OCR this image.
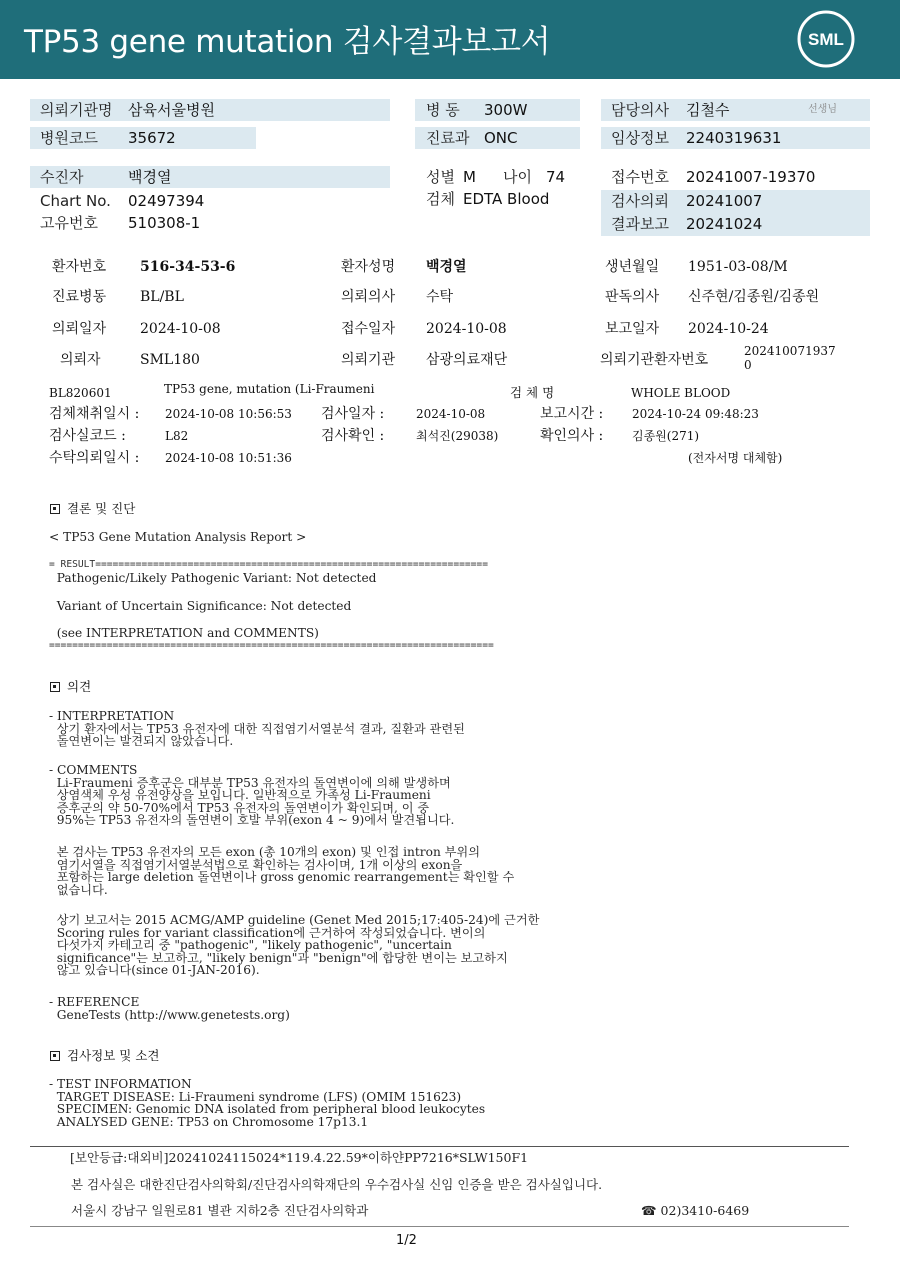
TP53 gene mutation 검사결과보고서	SML
의뢰기관명 삼육서울병원
병원코드 35672
병 동 300W
진료과 ONC
담당의사 김철수	선생님
임상정보 2240319631
수진자	백경열
Chart No. 02497394
고유번호 510308-1
성별 M 나이 74
검체 EDTA Blood
접수번호 20241007-19370
검사의뢰 20241007
결과보고 20241024
환자번호 516-34-53-6	환자성명 백경열	생년월일 1951-03-08/M
진료병동 BL/BL	의뢰의사 수탁	판독의사 신주현/김종원/김종원
의뢰일자 2024-10-08	접수일자 2024-10-08	보고일자 2024-10-24
의뢰자	SML180	의뢰기관 삼광의료재단	의뢰기관환자번호
202410071937
0
BL820601	TP53 gene, mutation (Li-Fraumeni	검 체 명	WHOLE BLOOD
검체채취일시 : 2024-10-08 10:56:53 검사일자 :	2024-10-08	보고시간 : 2024-10-24 09:48:23
검사실코드 :	L82	검사확인 :	최석진(29038)	확인의사 : 김종원(271)
수탁의뢰일시 : 2024-10-08 10:51:36	(전자서명 대체함)
결론 및 진단
< TP53 Gene Mutation Analysis Report >
= RESULT====================================================================
Pathogenic/Likely Pathogenic Variant: Not detected
Variant of Uncertain Significance: Not detected
(see INTERPRETATION and COMMENTS)
=============================================================================
의견
- INTERPRETATION
상기 환자에서는 TP53 유전자에 대한 직접염기서열분석 결과, 질환과 관련된
돌연변이는 발견되지 않았습니다.
- COMMENTS
Li-Fraumeni 증후군은 대부분 TP53 유전자의 돌연변이에 의해 발생하며
상염색체 우성 유전양상을 보입니다. 일반적으로 가족성 Li-Fraumeni
증후군의 약 50-70%에서 TP53 유전자의 돌연변이가 확인되며, 이 중
95%는 TP53 유전자의 돌연변이 호발 부위(exon 4 ~ 9)에서 발견됩니다.
본 검사는 TP53 유전자의 모든 exon (총 10개의 exon) 및 인접 intron 부위의
염기서열을 직접염기서열분석법으로 확인하는 검사이며, 1개 이상의 exon을
포함하는 large deletion 돌연변이나 gross genomic rearrangement는 확인할 수
없습니다.
상기 보고서는 2015 ACMG/AMP guideline (Genet Med 2015;17:405-24)에 근거한
Scoring rules for variant classification에 근거하여 작성되었습니다. 변이의
다섯가지 카테고리 중 "pathogenic", "likely pathogenic", "uncertain
significance"는 보고하고, "likely benign"과 "benign"에 합당한 변이는 보고하지
않고 있습니다(since 01-JAN-2016).
- REFERENCE
GeneTests (http://www.genetests.org)
검사정보 및 소견
- TEST INFORMATION
TARGET DISEASE: Li-Fraumeni syndrome (LFS) (OMIM 151623)
SPECIMEN: Genomic DNA isolated from peripheral blood leukocytes
ANALYSED GENE: TP53 on Chromosome 17p13.1
[보안등급:대외비]20241024115024*119.4.22.59*이하얀PP7216*SLW150F1
본 검사실은 대한진단검사의학회/진단검사의학재단의 우수검사실 신임 인증을 받은 검사실입니다.
서울시 강남구 일원로81 별관 지하2층 진단검사의학과	☎ 02)3410-6469
1/2
